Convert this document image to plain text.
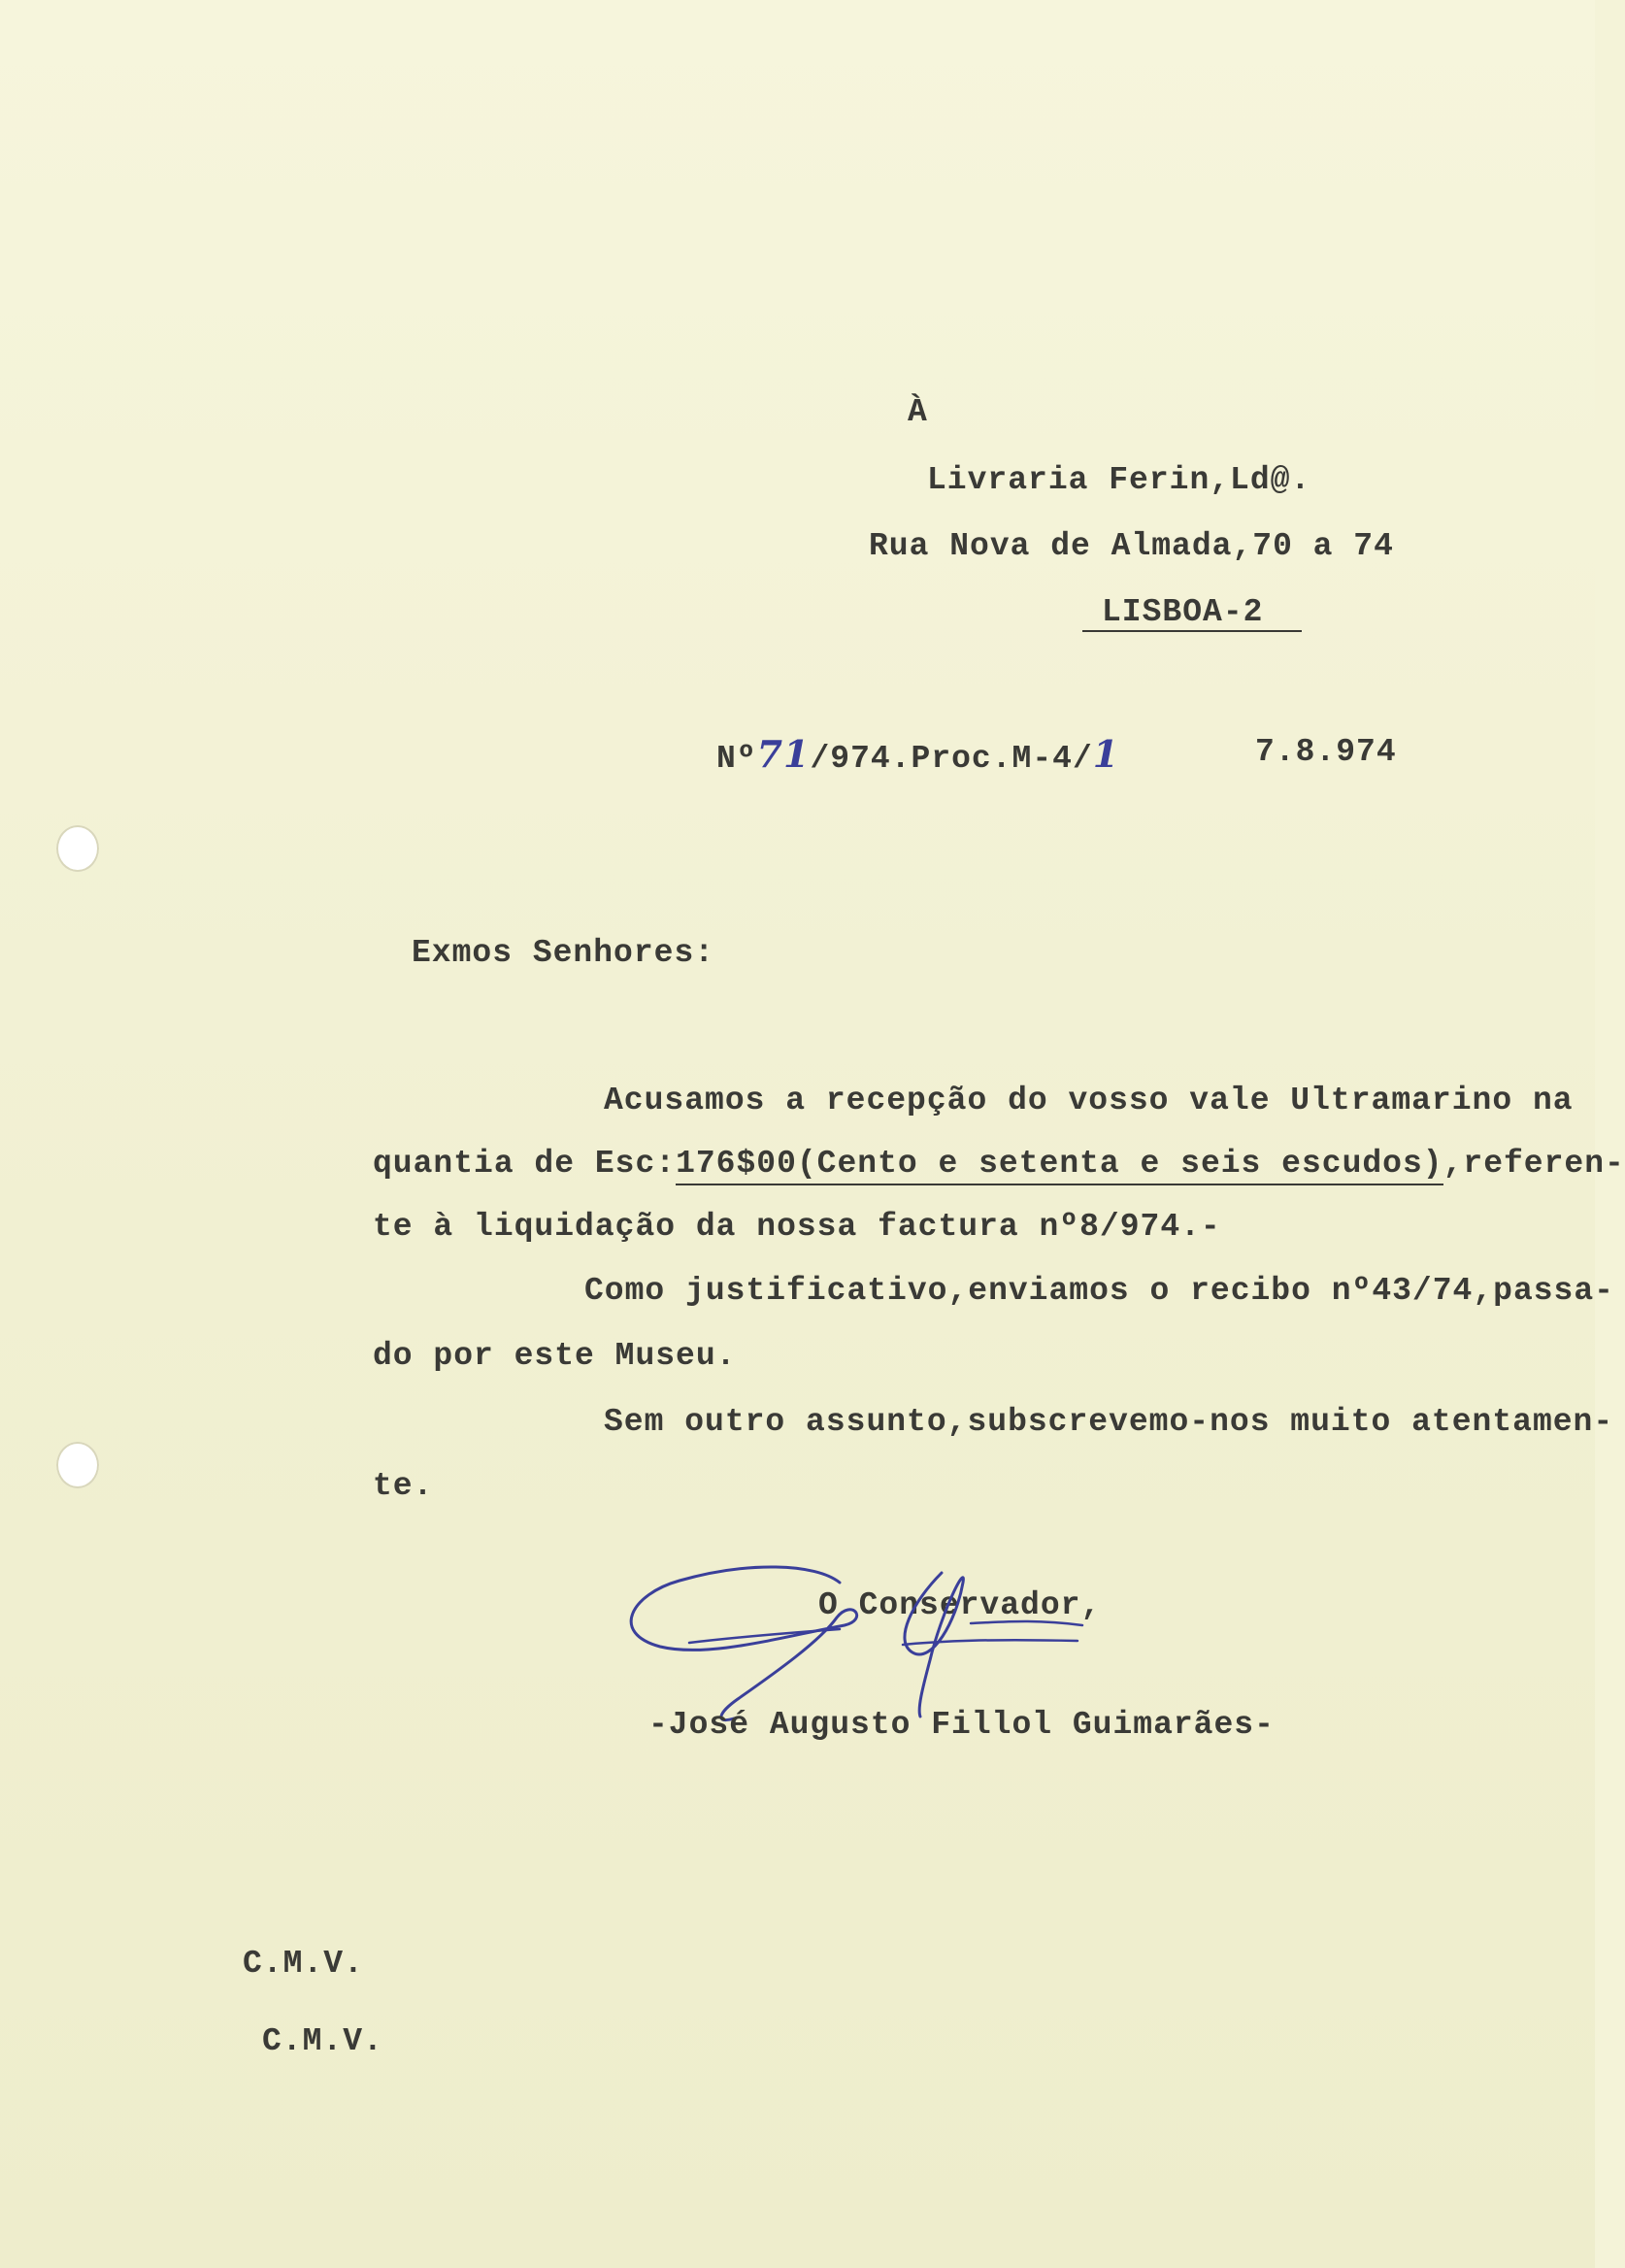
À
Livraria Ferin,Ld@.
Rua Nova de Almada,70 a 74
LISBOA-2
Nº71/974.Proc.M-4/1	7.8.974
Exmos Senhores:
Acusamos a recepção do vosso vale Ultramarino na
quantia de Esc:176$00(Cento e setenta e seis escudos),referen-
te à liquidação da nossa factura nº8/974.-
Como justificativo,enviamos o recibo nº43/74,passa-
do por este Museu.
Sem outro assunto,subscrevemo-nos muito atentamen-
te.
O Conservador,
-José Augusto Fillol Guimarães-
C.M.V.
C.M.V.
